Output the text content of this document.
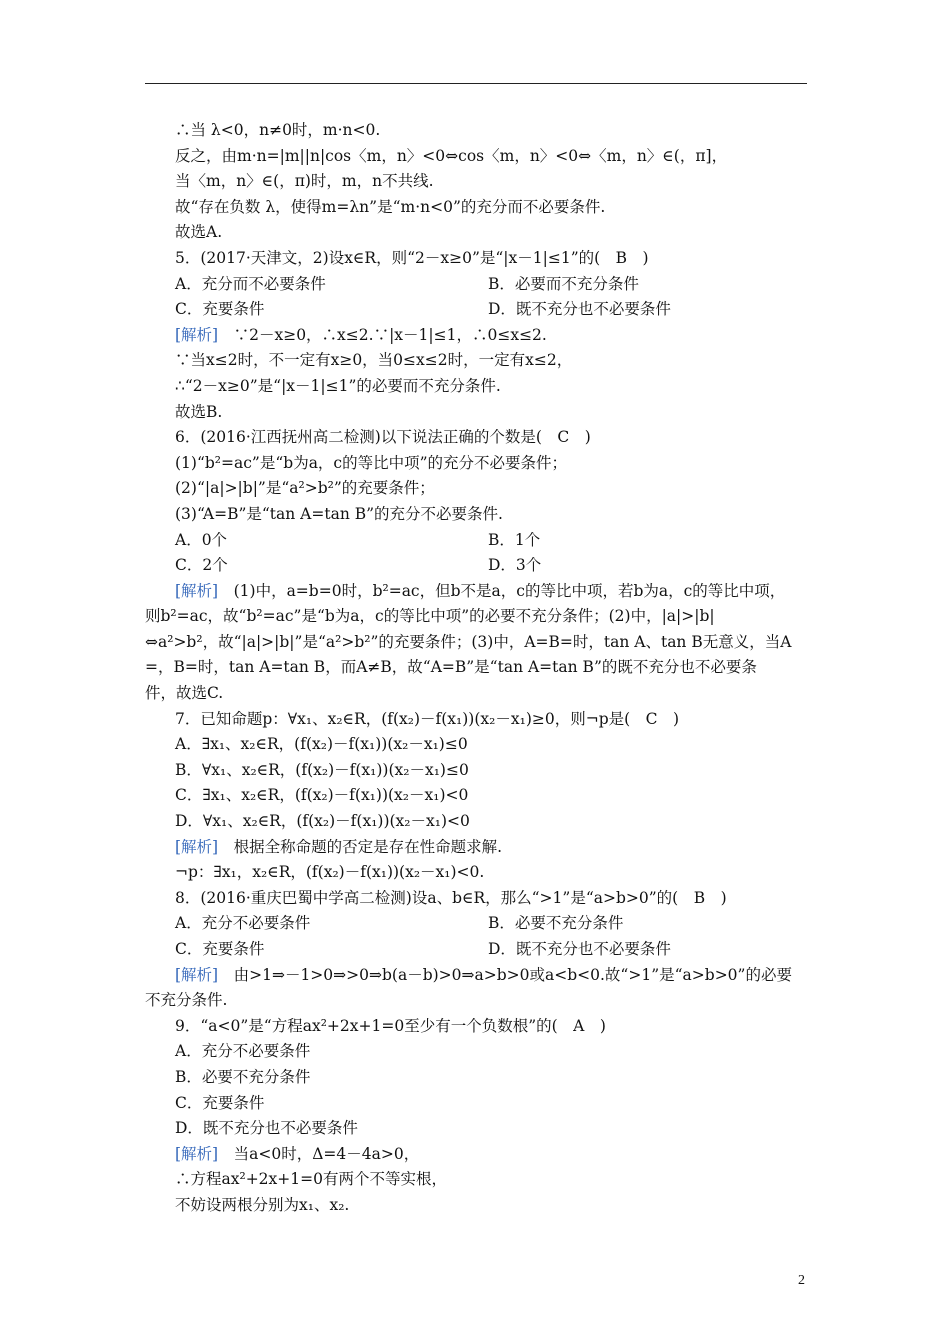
∴当 λ<0，n≠0时，m·n<0.
反之，由m·n=|m||n|cos〈m，n〉<0⇔cos〈m，n〉<0⇔〈m，n〉∈(，π]，
当〈m，n〉∈(，π)时，m，n不共线.
故“存在负数 λ，使得m=λn”是“m·n<0”的充分而不必要条件.
故选A.
5．(2017·天津文，2)设x∈R，则“2－x≥0”是“|x－1|≤1”的(　B　)
A．充分而不必要条件	B．必要而不充分条件
C．充要条件	D．既不充分也不必要条件
[解析]　∵2－x≥0，∴x≤2.∵|x－1|≤1，∴0≤x≤2.
∵当x≤2时，不一定有x≥0，当0≤x≤2时，一定有x≤2，
∴“2－x≥0”是“|x－1|≤1”的必要而不充分条件.
故选B.
6．(2016·江西抚州高二检测)以下说法正确的个数是(　C　)
(1)“b²=ac”是“b为a，c的等比中项”的充分不必要条件；
(2)“|a|>|b|”是“a²>b²”的充要条件；
(3)“A=B”是“tan A=tan B”的充分不必要条件.
A．0个	B．1个
C．2个	D．3个
[解析]　(1)中，a=b=0时，b²=ac，但b不是a，c的等比中项，若b为a，c的等比中项，
则b²=ac，故“b²=ac”是“b为a，c的等比中项”的必要不充分条件；(2)中，|a|>|b|
⇔a²>b²，故“|a|>|b|”是“a²>b²”的充要条件；(3)中，A=B=时，tan A、tan B无意义，当A
=，B=时，tan A=tan B，而A≠B，故“A=B”是“tan A=tan B”的既不充分也不必要条
件，故选C.
7．已知命题p：∀x₁、x₂∈R，(f(x₂)－f(x₁))(x₂－x₁)≥0，则¬p是(　C　)
A．∃x₁、x₂∈R，(f(x₂)－f(x₁))(x₂－x₁)≤0
B．∀x₁、x₂∈R，(f(x₂)－f(x₁))(x₂－x₁)≤0
C．∃x₁、x₂∈R，(f(x₂)－f(x₁))(x₂－x₁)<0
D．∀x₁、x₂∈R，(f(x₂)－f(x₁))(x₂－x₁)<0
[解析]　根据全称命题的否定是存在性命题求解.
¬p：∃x₁，x₂∈R，(f(x₂)－f(x₁))(x₂－x₁)<0.
8．(2016·重庆巴蜀中学高二检测)设a、b∈R，那么“>1”是“a>b>0”的(　B　)
A．充分不必要条件	B．必要不充分条件
C．充要条件	D．既不充分也不必要条件
[解析]　由>1⇒－1>0⇒>0⇒b(a－b)>0⇒a>b>0或a<b<0.故“>1”是“a>b>0”的必要
不充分条件.
9．“a<0”是“方程ax²+2x+1=0至少有一个负数根”的(　A　)
A．充分不必要条件
B．必要不充分条件
C．充要条件
D．既不充分也不必要条件
[解析]　当a<0时，Δ=4－4a>0，
∴方程ax²+2x+1=0有两个不等实根，
不妨设两根分别为x₁、x₂.
2
